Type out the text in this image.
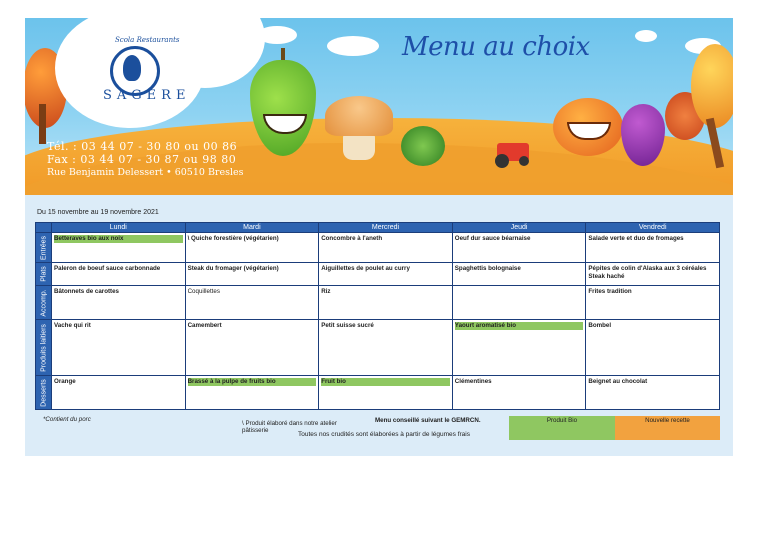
Scola Restaurants
SAGERE
Menu au choix
Tél. : 03 44 07 - 30 80 ou 00 86
Fax : 03 44 07 - 30 87 ou 98 80
Rue Benjamin Delessert • 60510 Bresles
Du 15 novembre au 19 novembre 2021
	Lundi	Mardi	Mercredi	Jeudi	Vendredi

Entrées	Betteraves bio aux noix	\ Quiche forestière (végétarien)	Concombre à l'aneth	Oeuf dur sauce béarnaise	Salade verte et duo de fromages

Plats	Paleron de boeuf sauce carbonnade	Steak du fromager (végétarien)	Aiguillettes de poulet au curry	Spaghettis bolognaise	Pépites de colin d'Alaska aux 3 céréales
Steak haché

Accomp.	Bâtonnets de carottes	Coquillettes	Riz		Frites tradition

Produits laitiers	Vache qui rit	Camembert	Petit suisse sucré	Yaourt aromatisé bio	Bombel

Desserts	Orange	Brassé à la pulpe de fruits bio	Fruit bio	Clémentines	Beignet au chocolat
*Contient du porc
\ Produit élaboré dans notre atelier pâtisserie
Menu conseillé suivant le GEMRCN.	Produit Bio	Nouvelle recette
Toutes nos crudités sont élaborées à partir de légumes frais
